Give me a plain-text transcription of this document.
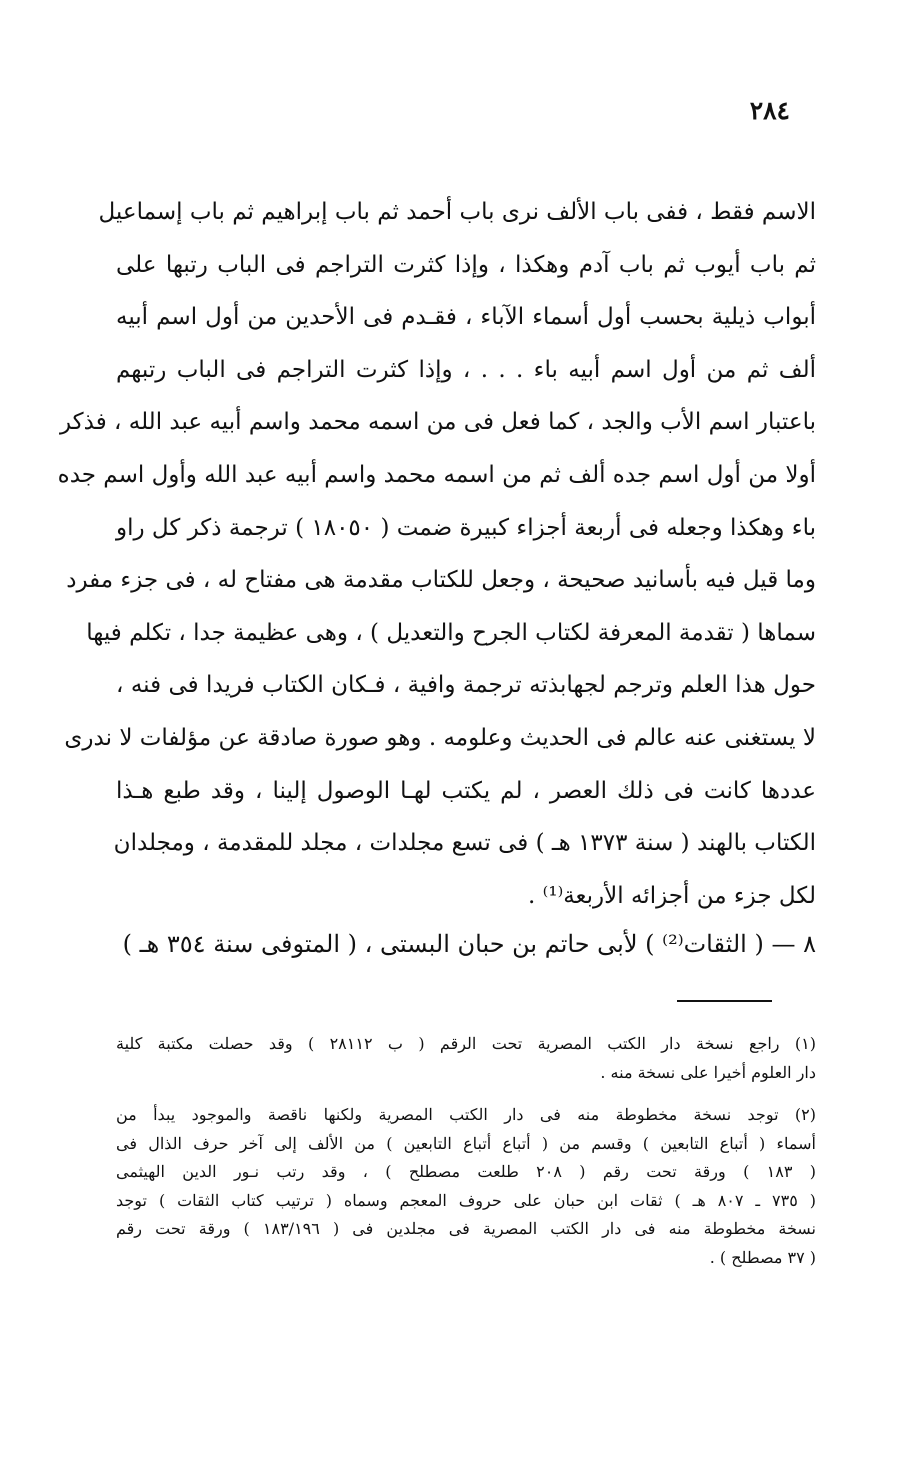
٢٨٤
الاسم فقط ، ففى باب الألف نرى باب أحمد ثم باب إبراهيم ثم باب إسماعيل
ثم باب أيوب ثم باب آدم وهكذا ، وإذا كثرت التراجم فى الباب رتبها على
أبواب ذيلية بحسب أول أسماء الآباء ، فقـدم فى الأحدين من أول اسم أبيه
ألف ثم من أول اسم أبيه باء . . . ، وإذا كثرت التراجم فى الباب رتبهم
باعتبار اسم الأب والجد ، كما فعل فى من اسمه محمد واسم أبيه عبد الله ، فذكر
أولا من أول اسم جده ألف ثم من اسمه محمد واسم أبيه عبد الله وأول اسم جده
باء وهكذا وجعله فى أربعة أجزاء كبيرة ضمت ( ١٨٠٥٠ ) ترجمة ذكر كل راو
وما قيل فيه بأسانيد صحيحة ، وجعل للكتاب مقدمة هى مفتاح له ، فى جزء مفرد
سماها ( تقدمة المعرفة لكتاب الجرح والتعديل ) ، وهى عظيمة جدا ، تكلم فيها
حول هذا العلم وترجم لجهابذته ترجمة وافية ، فـكان الكتاب فريدا فى فنه ،
لا يستغنى عنه عالم فى الحديث وعلومه . وهو صورة صادقة عن مؤلفات لا ندرى
عددها كانت فى ذلك العصر ، لم يكتب لهـا الوصول إلينا ، وقد طبع هـذا
الكتاب بالهند ( سنة ١٣٧٣ هـ ) فى تسع مجلدات ، مجلد للمقدمة ، ومجلدان
لكل جزء من أجزائه الأربعة⁽¹⁾ .
٨ — ( الثقات⁽²⁾ ) لأبى حاتم بن حبان البستى ، ( المتوفى سنة ٣٥٤ هـ )
(١) راجع نسخة دار الكتب المصرية تحت الرقم ( ب ٢٨١١٢ ) وقد حصلت مكتبة كلية
دار العلوم أخيرا على نسخة منه .
(٢) توجد نسخة مخطوطة منه فى دار الكتب المصرية ولكنها ناقصة والموجود يبدأ من
أسماء ( أتباع التابعين ) وقسم من ( أتباع أتباع التابعين ) من الألف إلى آخر حرف الذال فى
( ١٨٣ ) ورقة تحت رقم ( ٢٠٨ طلعت مصطلح ) ، وقد رتب نـور الدين الهيثمى
( ٧٣٥ ـ ٨٠٧ هـ ) ثقات ابن حبان على حروف المعجم وسماه ( ترتيب كتاب الثقات ) توجد
نسخة مخطوطة منه فى دار الكتب المصرية فى مجلدين فى ( ١٨٣/١٩٦ ) ورقة تحت رقم
( ٣٧ مصطلح ) .
